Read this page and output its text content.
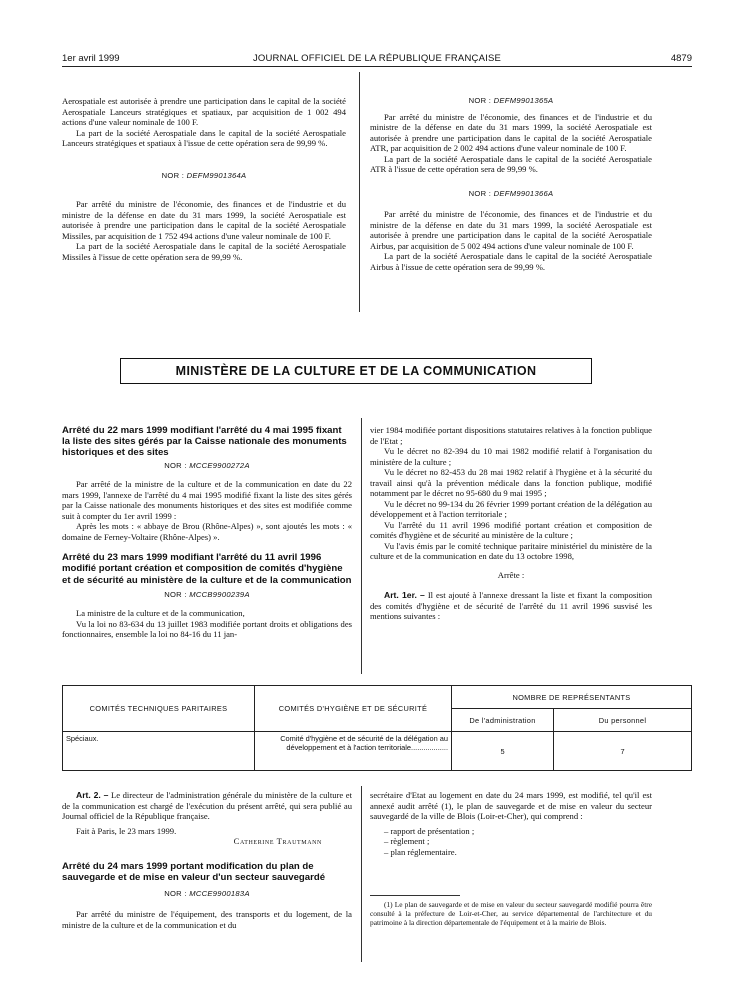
1er avril 1999	JOURNAL OFFICIEL DE LA RÉPUBLIQUE FRANÇAISE	4879

Aerospatiale est autorisée à prendre une participation dans le capital de la société Aerospatiale Lanceurs stratégiques et spatiaux, par acquisition de 1 002 494 actions d'une valeur nominale de 100 F.

La part de la société Aerospatiale dans le capital de la société Aerospatiale Lanceurs stratégiques et spatiaux à l'issue de cette opération sera de 99,99 %.

NOR : DEFM9901364A

Par arrêté du ministre de l'économie, des finances et de l'industrie et du ministre de la défense en date du 31 mars 1999, la société Aerospatiale est autorisée à prendre une participation dans le capital de la société Aerospatiale Missiles, par acquisition de 1 752 494 actions d'une valeur nominale de 100 F.

La part de la société Aerospatiale dans le capital de la société Aerospatiale Missiles à l'issue de cette opération sera de 99,99 %.

NOR : DEFM9901365A

Par arrêté du ministre de l'économie, des finances et de l'industrie et du ministre de la défense en date du 31 mars 1999, la société Aerospatiale est autorisée à prendre une participation dans le capital de la société Aerospatiale ATR, par acquisition de 2 002 494 actions d'une valeur nominale de 100 F.

La part de la société Aerospatiale dans le capital de la société Aerospatiale ATR à l'issue de cette opération sera de 99,99 %.

NOR : DEFM9901366A

Par arrêté du ministre de l'économie, des finances et de l'industrie et du ministre de la défense en date du 31 mars 1999, la société Aerospatiale est autorisée à prendre une participation dans le capital de la société Aerospatiale Airbus, par acquisition de 5 002 494 actions d'une valeur nominale de 100 F.

La part de la société Aerospatiale dans le capital de la société Aerospatiale Airbus à l'issue de cette opération sera de 99,99 %.

MINISTÈRE DE LA CULTURE ET DE LA COMMUNICATION

Arrêté du 22 mars 1999 modifiant l'arrêté du 4 mai 1995 fixant la liste des sites gérés par la Caisse nationale des monuments historiques et des sites

NOR : MCCE9900272A

Par arrêté de la ministre de la culture et de la communication en date du 22 mars 1999, l'annexe de l'arrêté du 4 mai 1995 modifié fixant la liste des sites gérés par la Caisse nationale des monuments historiques et des sites est modifiée comme suit à compter du 1er avril 1999 :

Après les mots : « abbaye de Brou (Rhône-Alpes) », sont ajoutés les mots : « domaine de Ferney-Voltaire (Rhône-Alpes) ».

Arrêté du 23 mars 1999 modifiant l'arrêté du 11 avril 1996 modifié portant création et composition de comités d'hygiène et de sécurité au ministère de la culture et de la communication

NOR : MCCB9900239A

La ministre de la culture et de la communication,

Vu la loi no 83-634 du 13 juillet 1983 modifiée portant droits et obligations des fonctionnaires, ensemble la loi no 84-16 du 11 jan-

vier 1984 modifiée portant dispositions statutaires relatives à la fonction publique de l'Etat ;

Vu le décret no 82-394 du 10 mai 1982 modifié relatif à l'organisation du ministère de la culture ;

Vu le décret no 82-453 du 28 mai 1982 relatif à l'hygiène et à la sécurité du travail ainsi qu'à la prévention médicale dans la fonction publique, modifié notamment par le décret no 95-680 du 9 mai 1995 ;

Vu le décret no 99-134 du 26 février 1999 portant création de la délégation au développement et à l'action territoriale ;

Vu l'arrêté du 11 avril 1996 modifié portant création et composition de comités d'hygiène et de sécurité au ministère de la culture ;

Vu l'avis émis par le comité technique paritaire ministériel du ministère de la culture et de la communication en date du 13 octobre 1998,

Arrête :

Art. 1er. – Il est ajouté à l'annexe dressant la liste et fixant la composition des comités d'hygiène et de sécurité de l'arrêté du 11 avril 1996 susvisé les mentions suivantes :

COMITÉS TECHNIQUES PARITAIRES	COMITÉS D'HYGIÈNE ET DE SÉCURITÉ	NOMBRE DE REPRÉSENTANTS	
		De l'administration	Du personnel
Spéciaux.	Comité d'hygiène et de sécurité de la délégation au développement et à l'action territoriale..................	5	7

Art. 2. – Le directeur de l'administration générale du ministère de la culture et de la communication est chargé de l'exécution du présent arrêté, qui sera publié au Journal officiel de la République française.

Fait à Paris, le 23 mars 1999.

Catherine Trautmann

Arrêté du 24 mars 1999 portant modification du plan de sauvegarde et de mise en valeur d'un secteur sauvegardé

NOR : MCCE9900183A

Par arrêté du ministre de l'équipement, des transports et du logement, de la ministre de la culture et de la communication et du

secrétaire d'Etat au logement en date du 24 mars 1999, est modifié, tel qu'il est annexé audit arrêté (1), le plan de sauvegarde et de mise en valeur du secteur sauvegardé de la ville de Blois (Loir-et-Cher), qui comprend :

– rapport de présentation ;

– règlement ;

– plan réglementaire.

(1) Le plan de sauvegarde et de mise en valeur du secteur sauvegardé modifié pourra être consulté à la préfecture de Loir-et-Cher, au service départemental de l'architecture et du patrimoine à la direction départementale de l'équipement et à la mairie de Blois.
